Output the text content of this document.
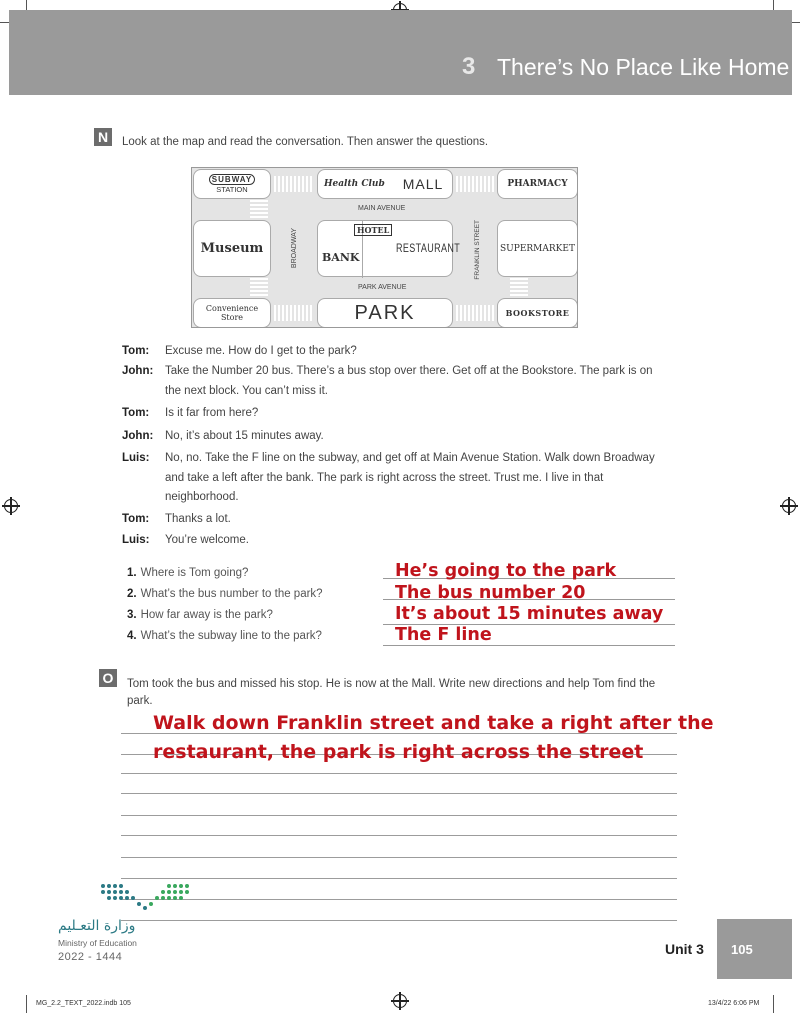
3 There’s No Place Like Home
N	Look at the map and read the conversation. Then answer the questions.
SUBWAY
STATION
Health Club MALL	PHARMACY
MAIN AVENUE
Museum	BROADWAY	HOTEL
BANK
RESTAURANT FRANKLIN STREET SUPERMARKET
PARK AVENUE
Convenience Store	PARK	BOOKSTORE
Tom: Excuse me. How do I get to the park?
John: Take the Number 20 bus. There’s a bus stop over there. Get off at the Bookstore. The park is on the next block. You can’t miss it.
Tom: Is it far from here?
John: No, it’s about 15 minutes away.
Luis: No, no. Take the F line on the subway, and get off at Main Avenue Station. Walk down Broadway and take a left after the bank. The park is right across the street. Trust me. I live in that neighborhood.
Tom: Thanks a lot.
Luis: You’re welcome.
1. Where is Tom going?	He’s going to the park
2. What’s the bus number to the park?	The bus number 20
3. How far away is the park?	It’s about 15 minutes away
4. What’s the subway line to the park?	The F line
O	Tom took the bus and missed his stop. He is now at the Mall. Write new directions and help Tom find the park.
Walk down Franklin street and take a right after the
restaurant, the park is right across the street
وزارة التعـليم
Ministry of Education
2022 - 1444	Unit 3 105
MG_2.2_TEXT_2022.indb 105	13/4/22 6:06 PM
